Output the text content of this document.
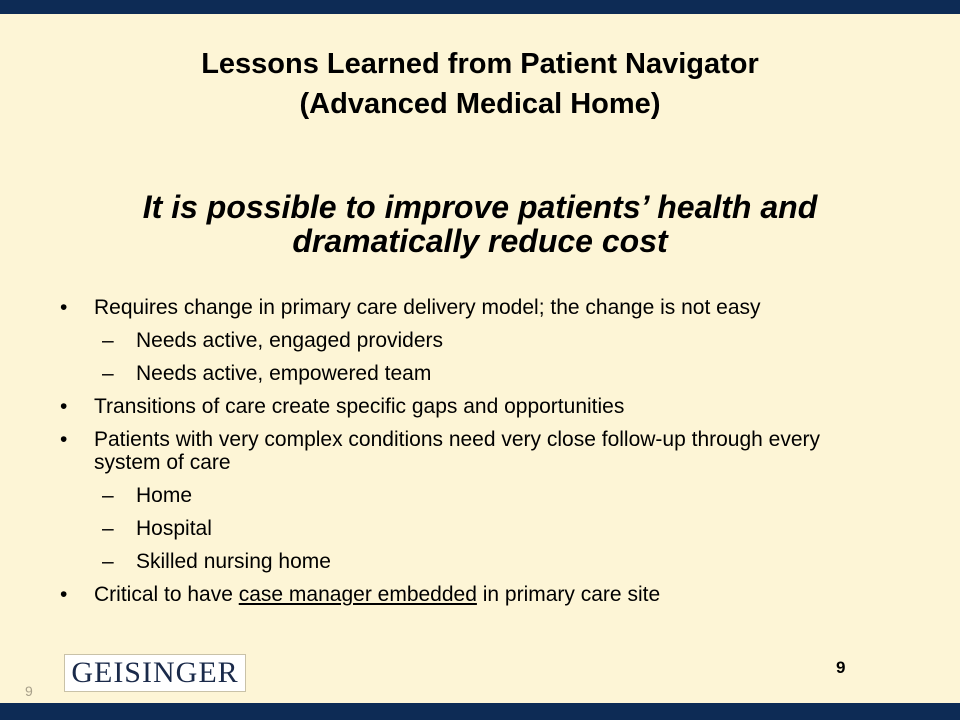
Lessons Learned from Patient Navigator
(Advanced Medical Home)
It is possible to improve patients’ health and dramatically reduce cost
•	Requires change in primary care delivery model; the change is not easy
–	Needs active, engaged providers
–	Needs active, empowered team
•	Transitions of care create specific gaps and opportunities
•	Patients with very complex conditions need very close follow-up through every system of care
–	Home
–	Hospital
–	Skilled nursing home
•	Critical to have case manager embedded in primary care site
GEISINGER	9
9
